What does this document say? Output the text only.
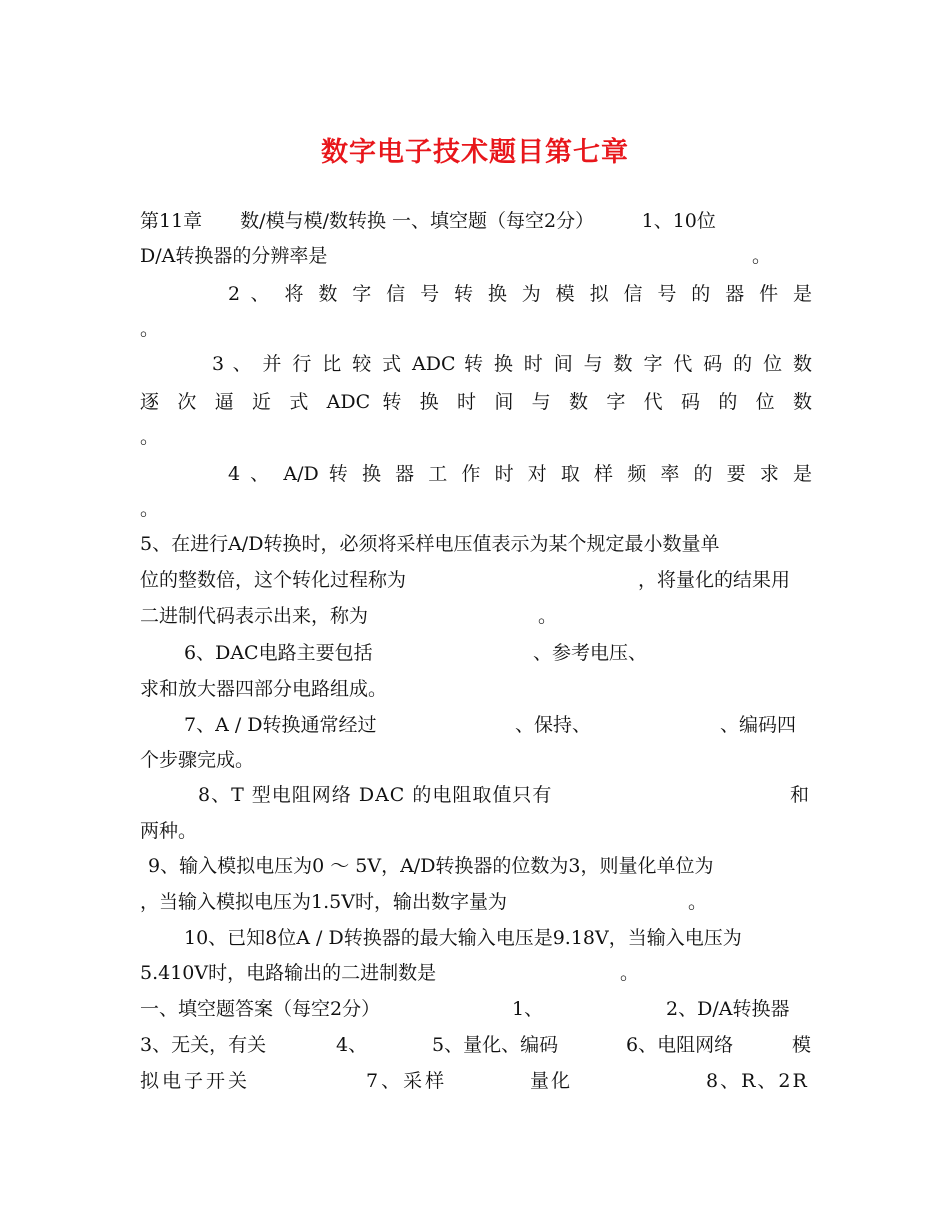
数字电子技术题目第七章
第11章　　数/模与模/数转换 一、填空题（每空2分）　　　1、10位
D/A转换器的分辨率是	。
2 、 将 数 字 信 号 转 换 为 模 拟 信 号 的 器 件 是
。
3 、 并 行 比 较 式 ADC 转 换 时 间 与 数 字 代 码 的 位 数
逐 次 逼 近 式 ADC 转 换 时 间 与 数 字 代 码 的 位 数
。
4 、 A/D 转 换 器 工 作 时 对 取 样 频 率 的 要 求 是
。
5、在进行A/D转换时，必须将采样电压值表示为某个规定最小数量单
位的整数倍，这个转化过程称为	，将量化的结果用
二进制代码表示出来，称为	。
6、DAC电路主要包括	、参考电压、
求和放大器四部分电路组成。
7、A / D转换通常经过	、保持、	、编码四
个步骤完成。
8、T 型电阻网络 DAC 的电阻取值只有	和
两种。
9、输入模拟电压为0 ～ 5V，A/D转换器的位数为3，则量化单位为
，当输入模拟电压为1.5V时，输出数字量为	。
10、已知8位A / D转换器的最大输入电压是9.18V，当输入电压为
5.410V时，电路输出的二进制数是	。
一、填空题答案（每空2分）	1、	2、D/A转换器
3、无关，有关	4、	5、量化、编码	6、电阻网络	模
拟电子开关	7、采样	量化	8、R、2R
